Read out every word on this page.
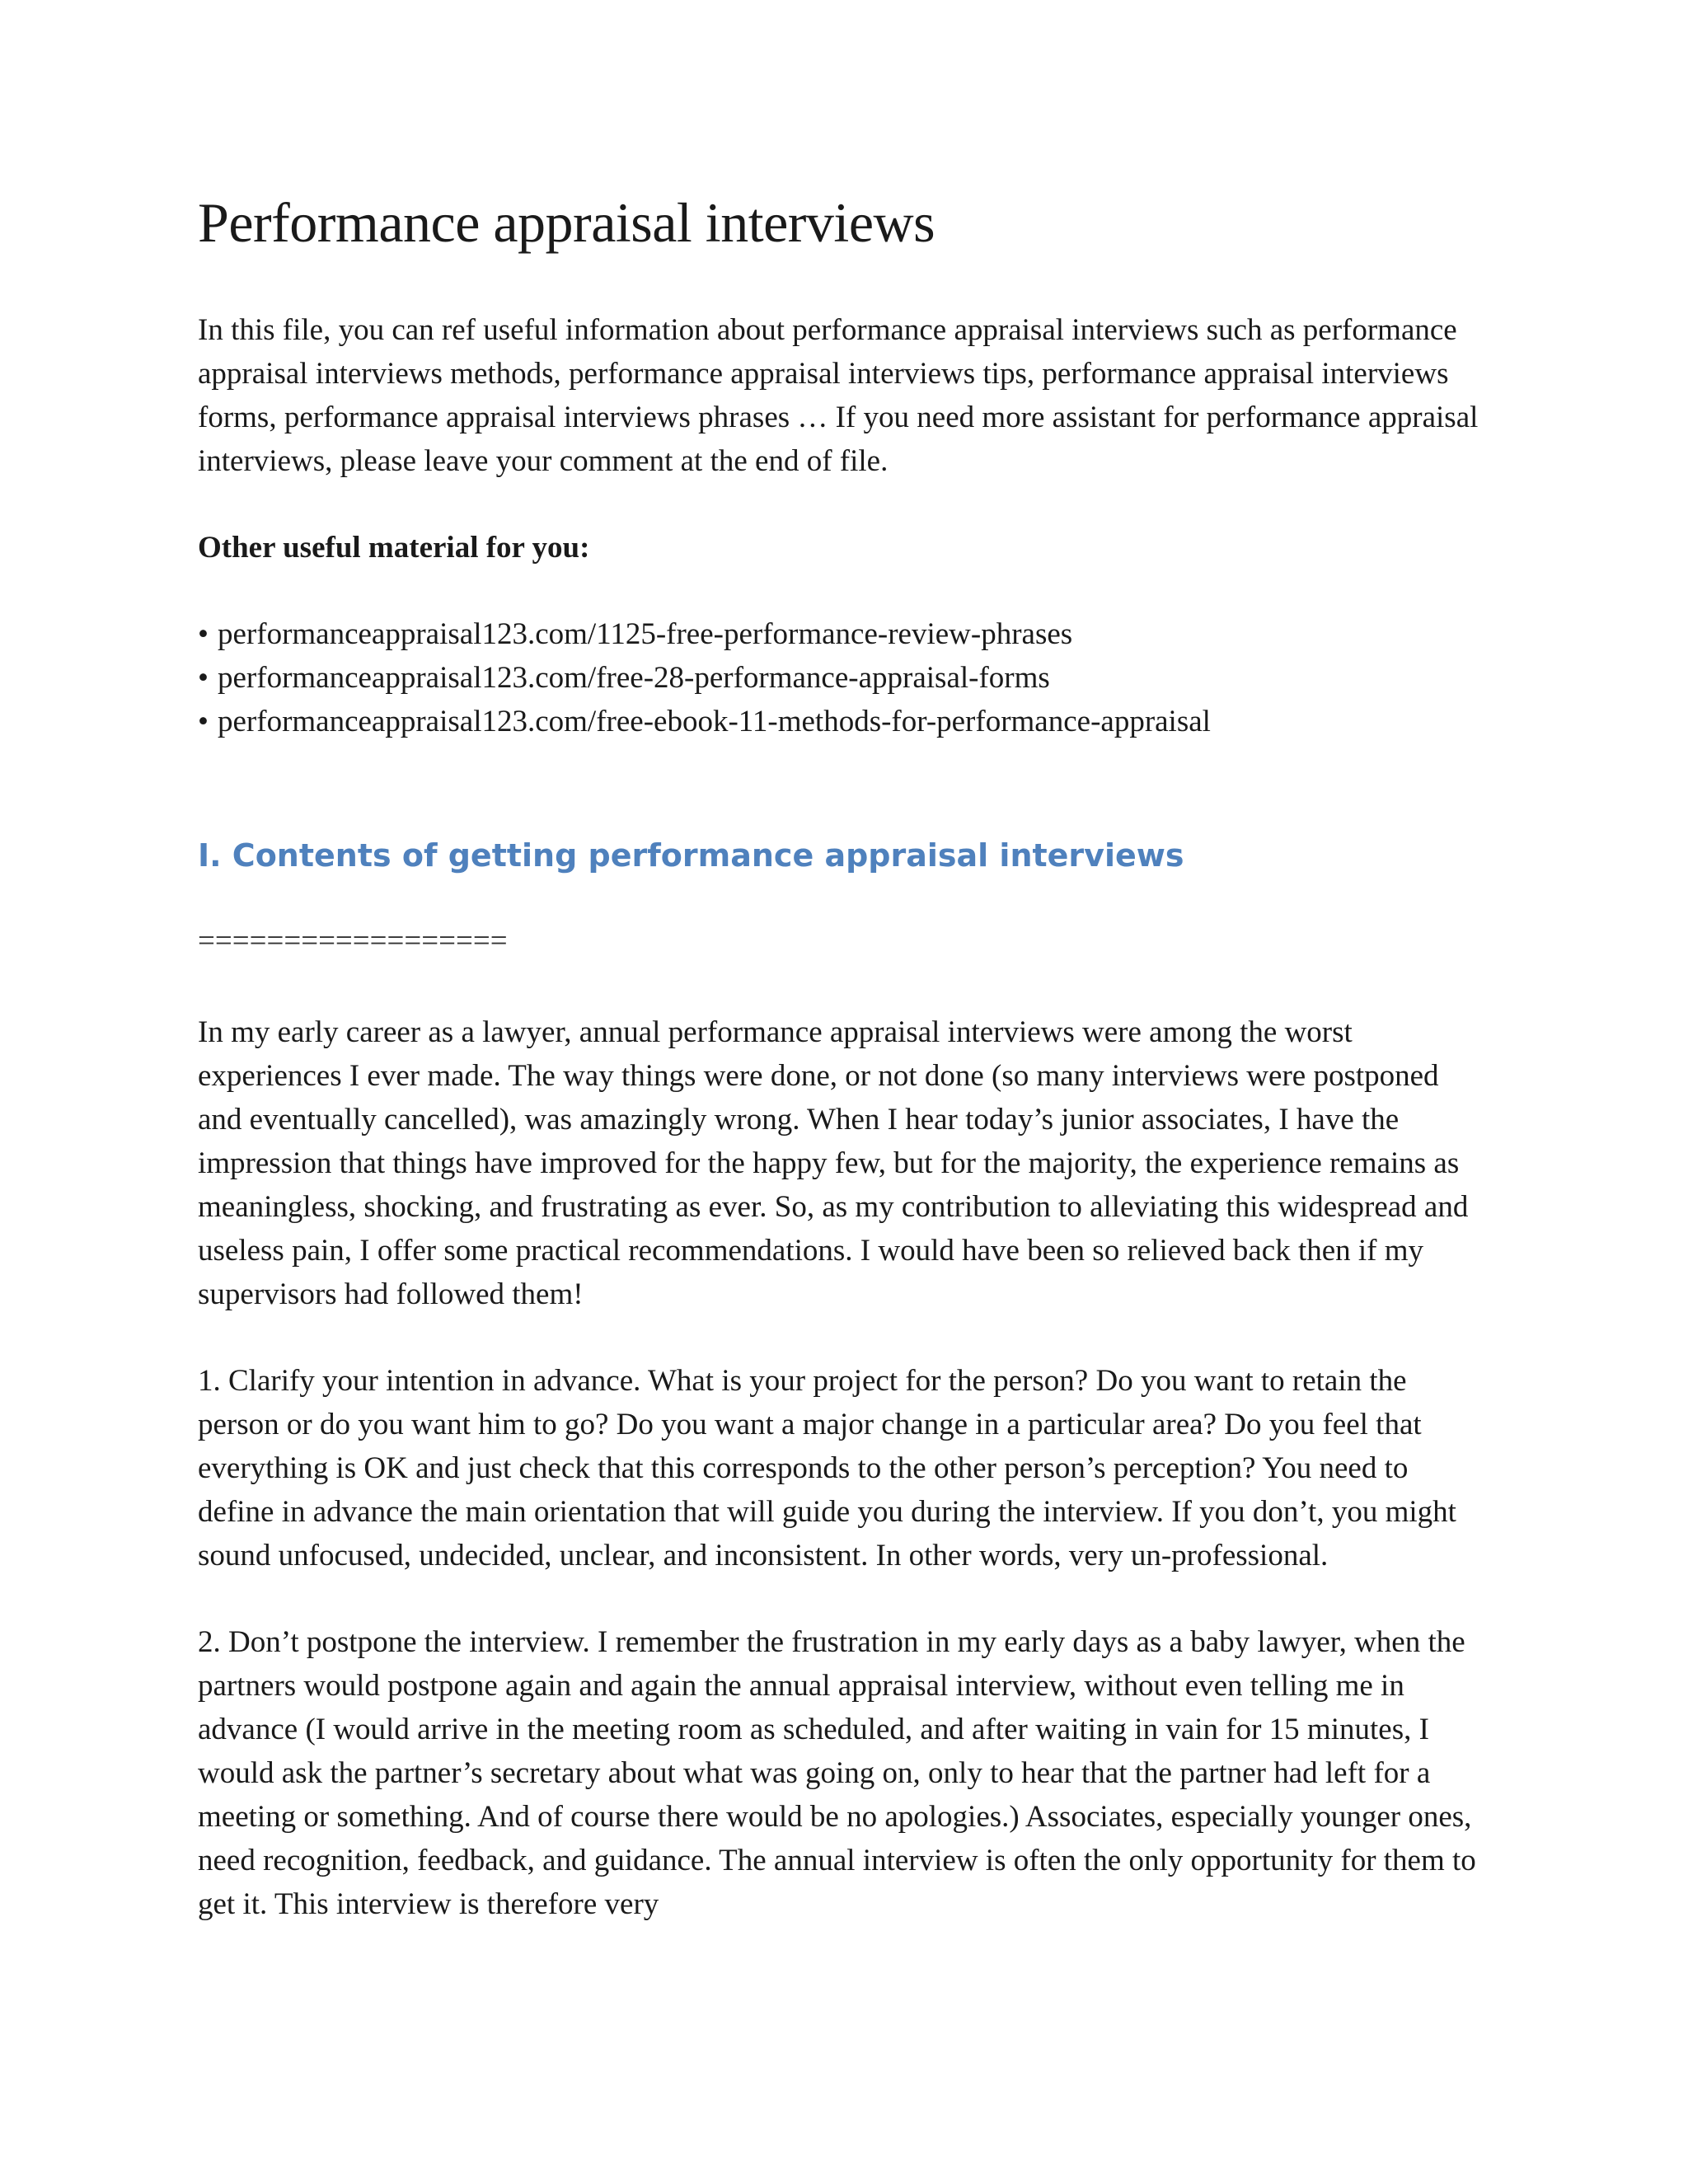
Performance appraisal interviews

In this file, you can ref useful information about performance appraisal interviews such as performance appraisal interviews methods, performance appraisal interviews tips, performance appraisal interviews forms, performance appraisal interviews phrases … If you need more assistant for performance appraisal interviews, please leave your comment at the end of file.

Other useful material for you:

• performanceappraisal123.com/1125-free-performance-review-phrases
• performanceappraisal123.com/free-28-performance-appraisal-forms
• performanceappraisal123.com/free-ebook-11-methods-for-performance-appraisal
I. Contents of getting performance appraisal interviews
==================

In my early career as a lawyer, annual performance appraisal interviews were among the worst experiences I ever made. The way things were done, or not done (so many interviews were postponed and eventually cancelled), was amazingly wrong. When I hear today’s junior associates, I have the impression that things have improved for the happy few, but for the majority, the experience remains as meaningless, shocking, and frustrating as ever. So, as my contribution to alleviating this widespread and useless pain, I offer some practical recommendations. I would have been so relieved back then if my supervisors had followed them!

1. Clarify your intention in advance. What is your project for the person? Do you want to retain the person or do you want him to go? Do you want a major change in a particular area? Do you feel that everything is OK and just check that this corresponds to the other person’s perception? You need to define in advance the main orientation that will guide you during the interview. If you don’t, you might sound unfocused, undecided, unclear, and inconsistent. In other words, very un-professional.

2. Don’t postpone the interview. I remember the frustration in my early days as a baby lawyer, when the partners would postpone again and again the annual appraisal interview, without even telling me in advance (I would arrive in the meeting room as scheduled, and after waiting in vain for 15 minutes, I would ask the partner’s secretary about what was going on, only to hear that the partner had left for a meeting or something. And of course there would be no apologies.) Associates, especially younger ones, need recognition, feedback, and guidance. The annual interview is often the only opportunity for them to get it. This interview is therefore very
